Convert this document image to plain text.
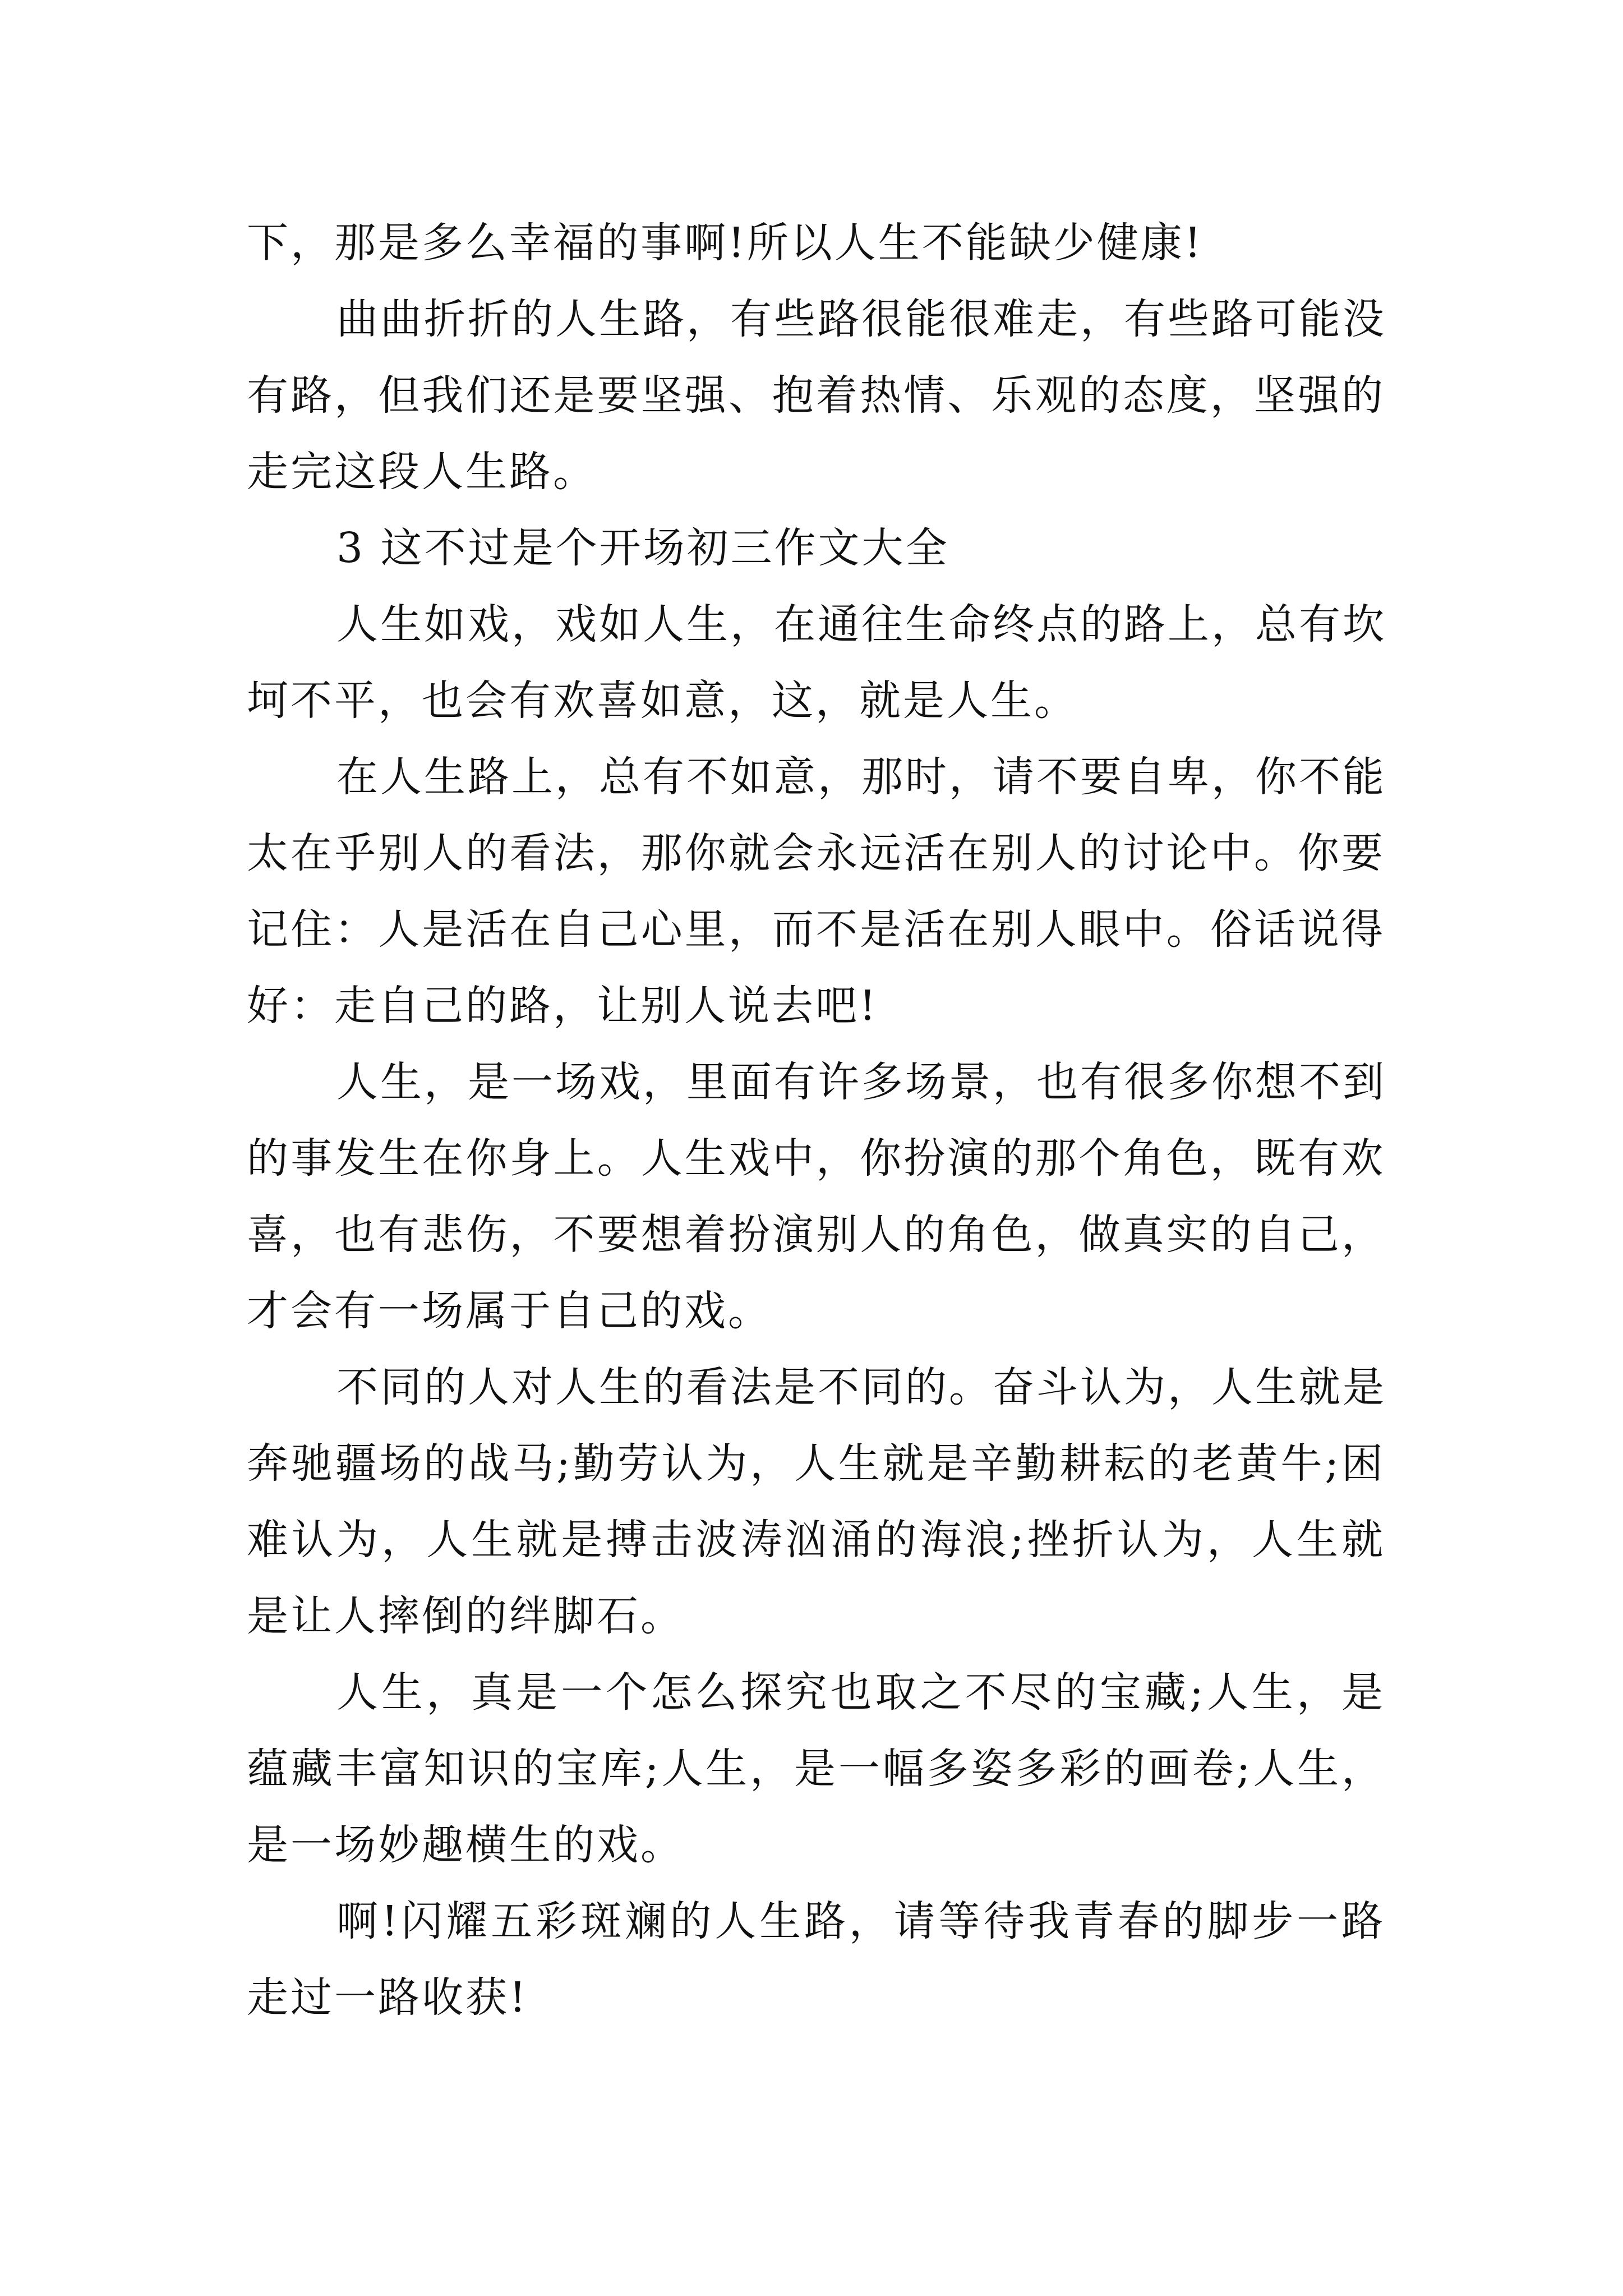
下，那是多么幸福的事啊!所以人生不能缺少健康!
曲曲折折的人生路，有些路很能很难走，有些路可能没
有路，但我们还是要坚强、抱着热情、乐观的态度，坚强的
走完这段人生路。
3 这不过是个开场初三作文大全
人生如戏，戏如人生，在通往生命终点的路上，总有坎
坷不平，也会有欢喜如意，这，就是人生。
在人生路上，总有不如意，那时，请不要自卑，你不能
太在乎别人的看法，那你就会永远活在别人的讨论中。你要
记住：人是活在自己心里，而不是活在别人眼中。俗话说得
好：走自己的路，让别人说去吧!
人生，是一场戏，里面有许多场景，也有很多你想不到
的事发生在你身上。人生戏中，你扮演的那个角色，既有欢
喜，也有悲伤，不要想着扮演别人的角色，做真实的自己，
才会有一场属于自己的戏。
不同的人对人生的看法是不同的。奋斗认为，人生就是
奔驰疆场的战马;勤劳认为，人生就是辛勤耕耘的老黄牛;困
难认为，人生就是搏击波涛汹涌的海浪;挫折认为，人生就
是让人摔倒的绊脚石。
人生，真是一个怎么探究也取之不尽的宝藏;人生，是
蕴藏丰富知识的宝库;人生，是一幅多姿多彩的画卷;人生，
是一场妙趣横生的戏。
啊!闪耀五彩斑斓的人生路，请等待我青春的脚步一路
走过一路收获!
